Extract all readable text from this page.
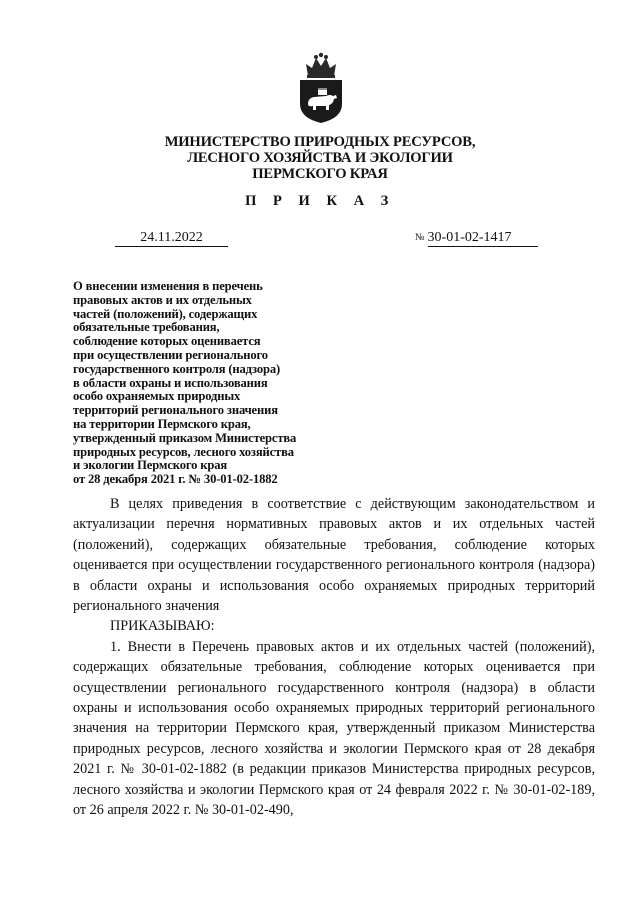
МИНИСТЕРСТВО ПРИРОДНЫХ РЕСУРСОВ,
ЛЕСНОГО ХОЗЯЙСТВА И ЭКОЛОГИИ
ПЕРМСКОГО КРАЯ
П Р И К А З
24.11.2022	№ 30-01-02-1417
О внесении изменения в перечень
правовых актов и их отдельных
частей (положений), содержащих
обязательные требования,
соблюдение которых оценивается
при осуществлении регионального
государственного контроля (надзора)
в области охраны и использования
особо охраняемых природных
территорий регионального значения
на территории Пермского края,
утвержденный приказом Министерства
природных ресурсов, лесного хозяйства
и экологии Пермского края
от 28 декабря 2021 г. № 30-01-02-1882

В целях приведения в соответствие с действующим законодательством и актуализации перечня нормативных правовых актов и их отдельных частей (положений), содержащих обязательные требования, соблюдение которых оценивается при осуществлении государственного регионального контроля (надзора) в области охраны и использования особо охраняемых природных территорий регионального значения

ПРИКАЗЫВАЮ:

1. Внести в Перечень правовых актов и их отдельных частей (положений), содержащих обязательные требования, соблюдение которых оценивается при осуществлении регионального государственного контроля (надзора) в области охраны и использования особо охраняемых природных территорий регионального значения на территории Пермского края, утвержденный приказом Министерства природных ресурсов, лесного хозяйства и экологии Пермского края от 28 декабря 2021 г. № 30-01-02-1882 (в редакции приказов Министерства природных ресурсов, лесного хозяйства и экологии Пермского края от 24 февраля 2022 г. № 30-01-02-189, от 26 апреля 2022 г. № 30-01-02-490,
